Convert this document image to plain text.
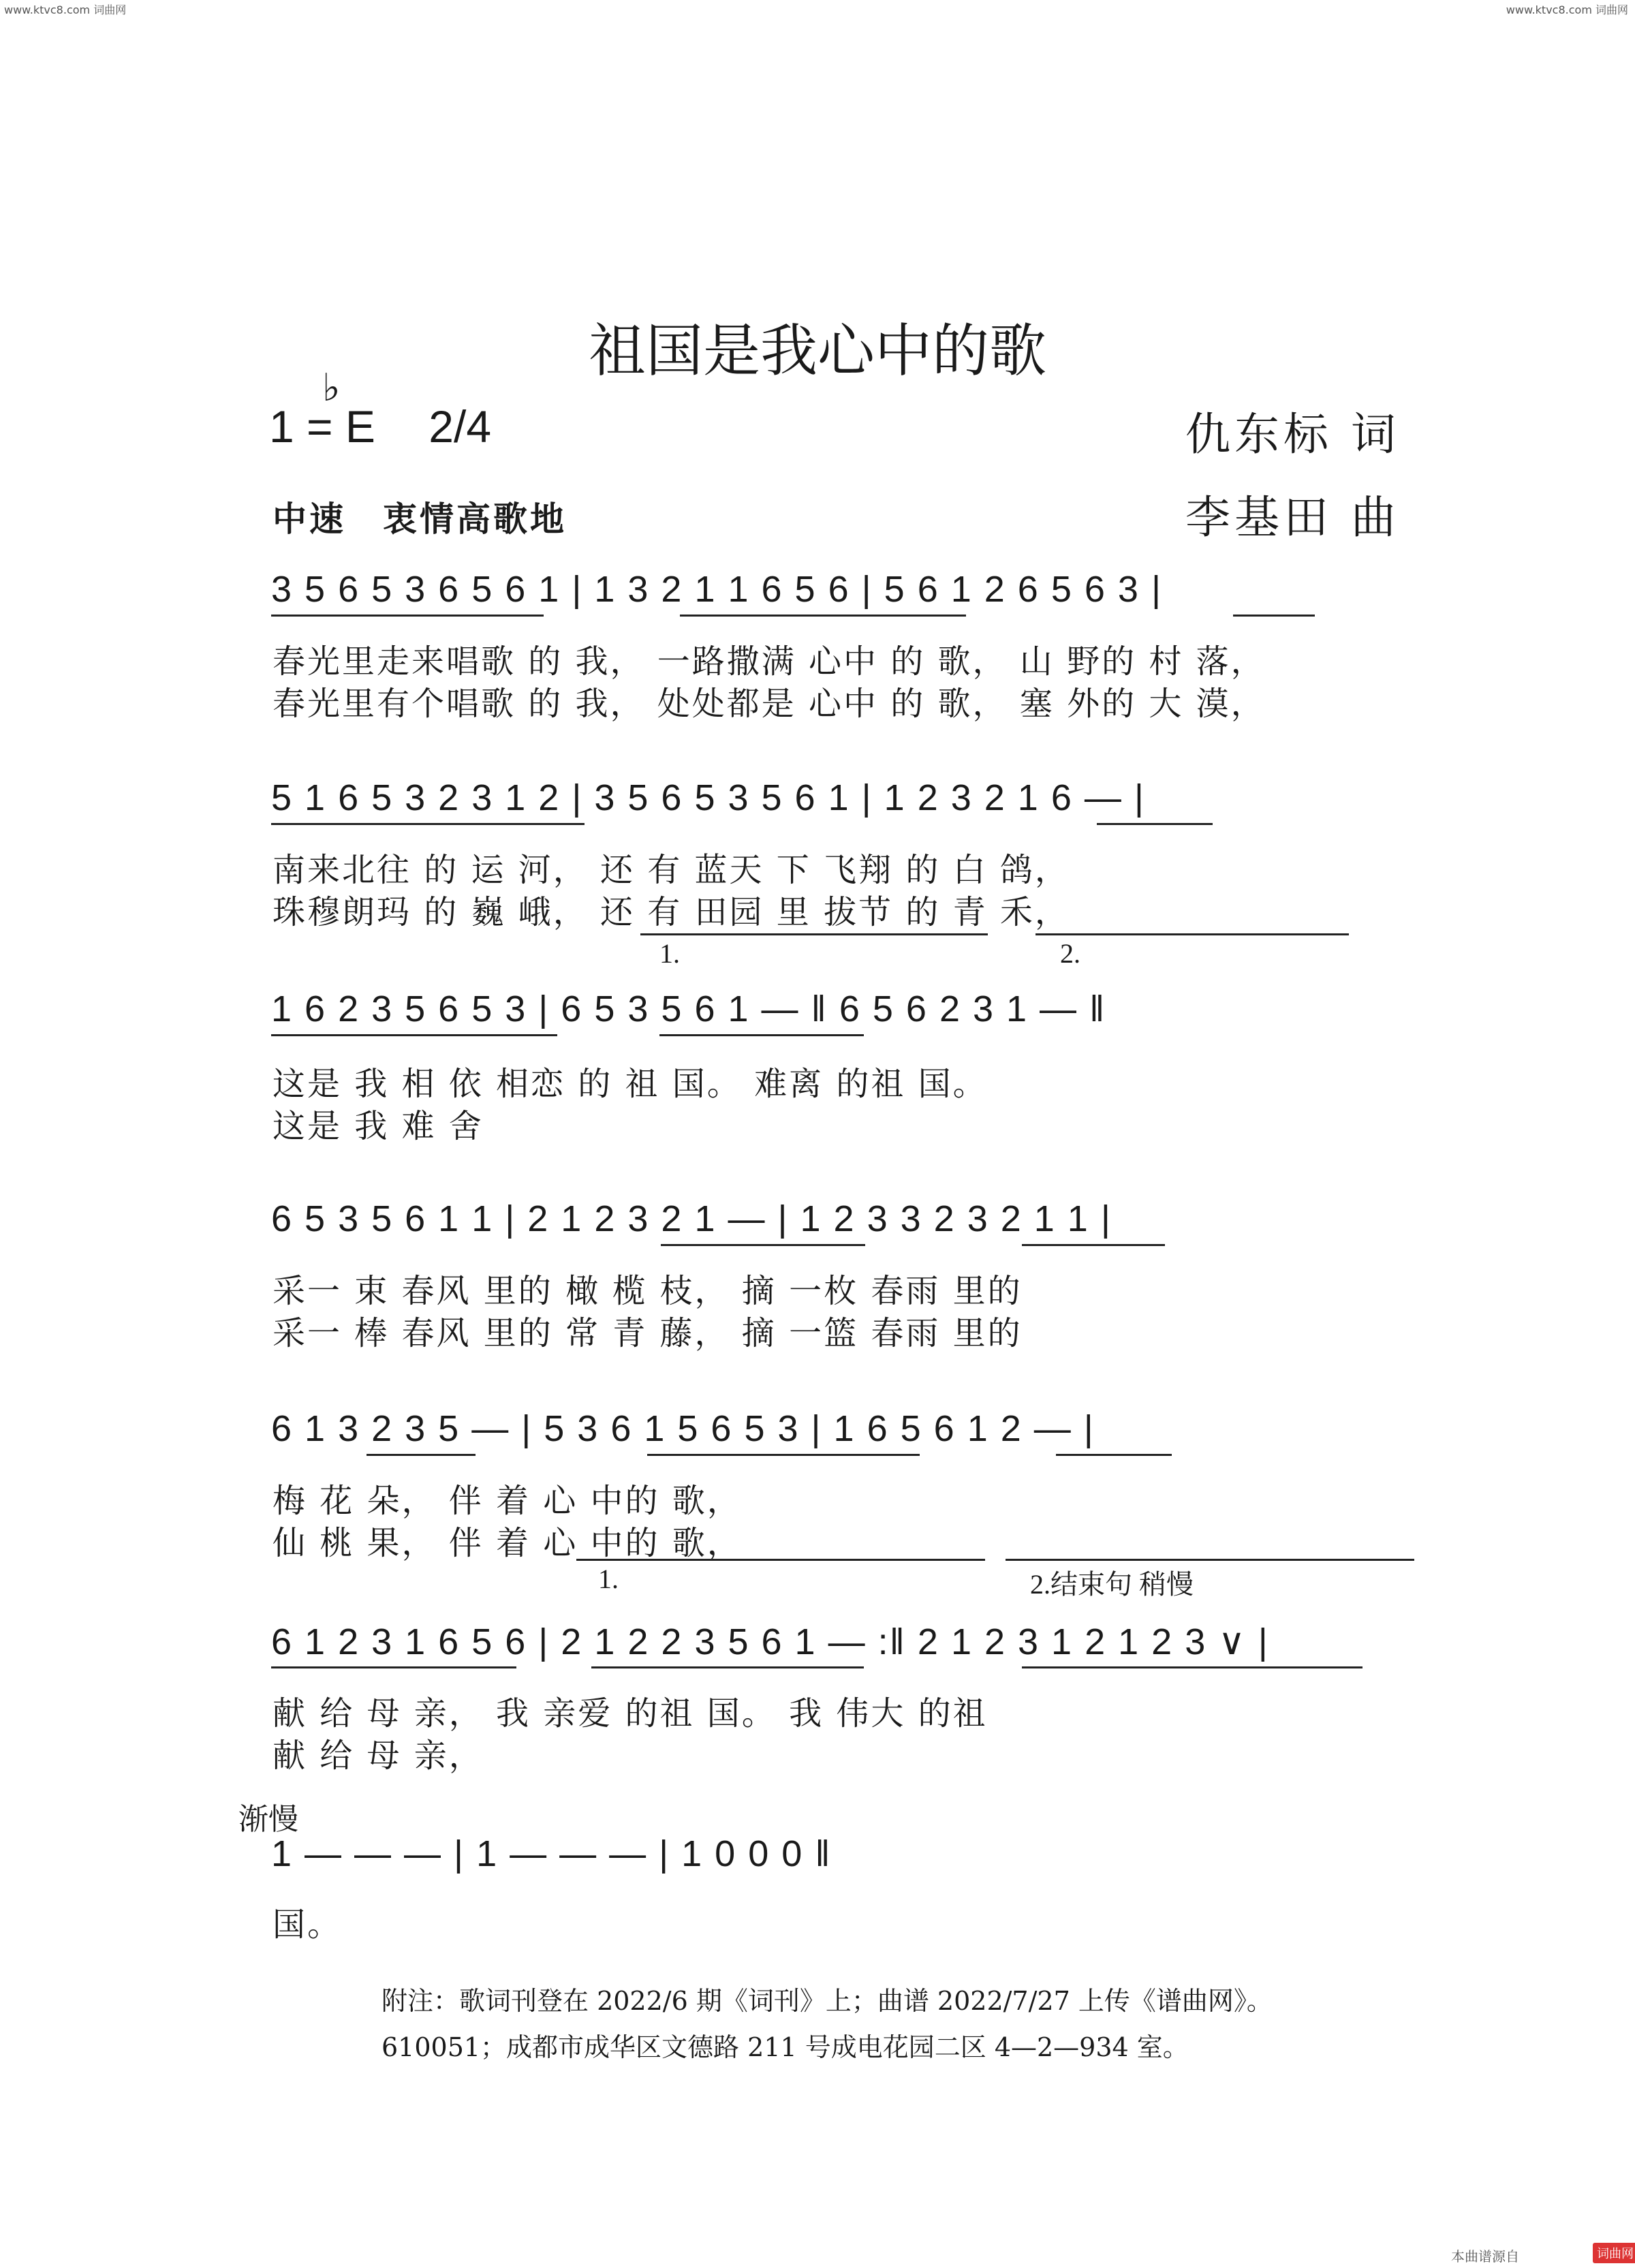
www.ktvc8.com 词曲网	www.ktvc8.com 词曲网
祖国是我心中的歌
1 = E
♭
2/4	仇东标 词
李基田 曲
中速　衷情高歌地
3 5 6 5 3 6 5 6 1 | 1 3 2 1 1 6 5 6 | 5 6 1 2 6 5 6 3 |
春光里走来唱歌 的 我， 一路撒满 心中 的 歌， 山 野的 村 落，
春光里有个唱歌 的 我， 处处都是 心中 的 歌， 塞 外的 大 漠，
5 1 6 5 3 2 3 1 2 | 3 5 6 5 3 5 6 1 | 1 2 3 2 1 6 — |
南来北往 的 运 河， 还 有 蓝天 下 飞翔 的 白 鸽，
珠穆朗玛 的 巍 峨， 还 有 田园 里 拔节 的 青 禾，
1.	2.
1 6 2 3 5 6 5 3 | 6 5 3 5 6 1 — ‖ 6 5 6 2 3 1 — ‖
这是 我 相 依 相恋 的 祖 国。 难离 的祖 国。
这是 我 难 舍
6 5 3 5 6 1 1 | 2 1 2 3 2 1 — | 1 2 3 3 2 3 2 1 1 |
采一 束 春风 里的 橄 榄 枝， 摘 一枚 春雨 里的
采一 棒 春风 里的 常 青 藤， 摘 一篮 春雨 里的
6 1 3 2 3 5 — | 5 3 6 1 5 6 5 3 | 1 6 5 6 1 2 — |
梅 花 朵， 伴 着 心 中的 歌，
仙 桃 果， 伴 着 心 中的 歌，
1.	2.结束句 稍慢
6 1 2 3 1 6 5 6 | 2 1 2 2 3 5 6 1 — :‖ 2 1 2 3 1 2 1 2 3 ∨ |
献 给 母 亲， 我 亲爱 的祖 国。 我 伟大 的祖
献 给 母 亲，
渐慢
1 — — — | 1 — — — | 1 0 0 0 ‖
国。
附注：歌词刊登在 2022/6 期《词刊》上；曲谱 2022/7/27 上传《谱曲网》。
610051；成都市成华区文德路 211 号成电花园二区 4—2—934 室。
本曲谱源自	词曲网
